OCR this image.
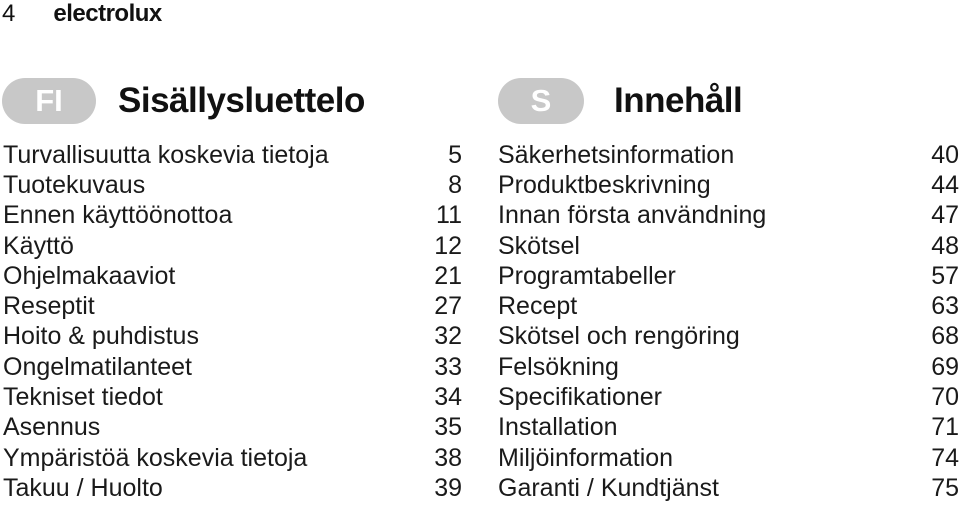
4 electrolux
FI	Sisällysluettelo
Turvallisuutta koskevia tietoja	5
Tuotekuvaus	8
Ennen käyttöönottoa	11
Käyttö	12
Ohjelmakaaviot	21
Reseptit	27
Hoito & puhdistus	32
Ongelmatilanteet	33
Tekniset tiedot	34
Asennus	35
Ympäristöä koskevia tietoja	38
Takuu / Huolto	39
S	Innehåll
Säkerhetsinformation	40
Produktbeskrivning	44
Innan första användning	47
Skötsel	48
Programtabeller	57
Recept	63
Skötsel och rengöring	68
Felsökning	69
Specifikationer	70
Installation	71
Miljöinformation	74
Garanti / Kundtjänst	75
